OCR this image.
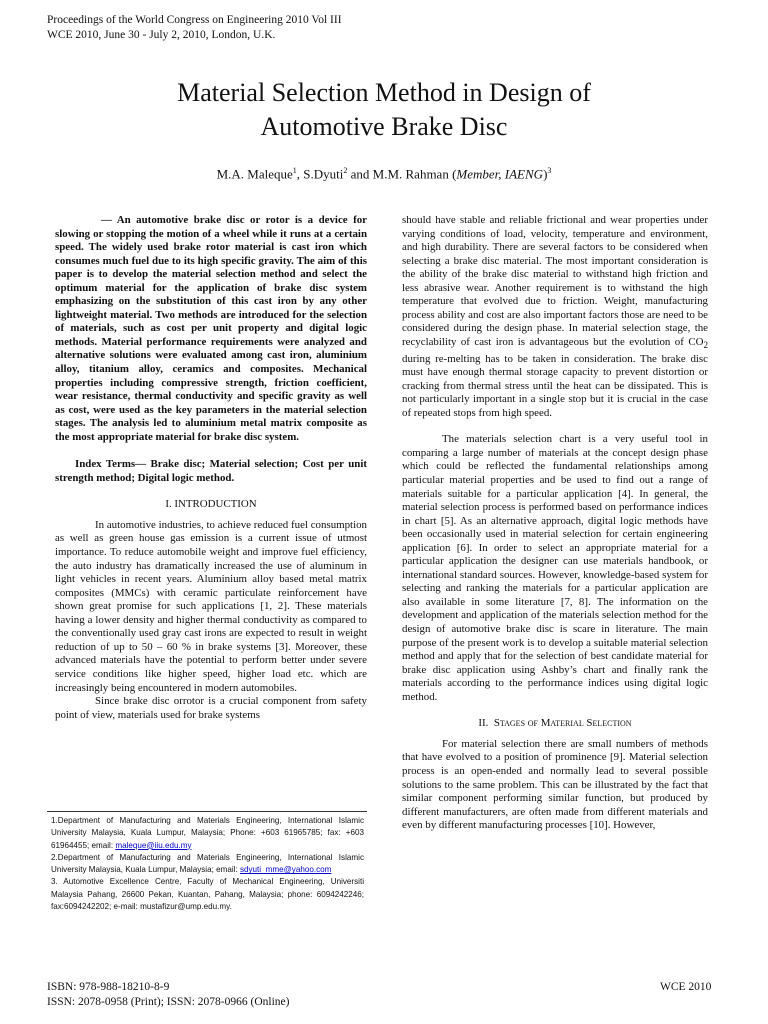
Proceedings of the World Congress on Engineering 2010 Vol III
WCE 2010, June 30 - July 2, 2010, London, U.K.
Material Selection Method in Design of
Automotive Brake Disc
M.A. Maleque$^1$, S.Dyuti$^2$ and M.M. Rahman (Member, IAENG)$^3$

— An automotive brake disc or rotor is a device for slowing or stopping the motion of a wheel while it runs at a certain speed. The widely used brake rotor material is cast iron which consumes much fuel due to its high specific gravity. The aim of this paper is to develop the material selection method and select the optimum material for the application of brake disc system emphasizing on the substitution of this cast iron by any other lightweight material. Two methods are introduced for the selection of materials, such as cost per unit property and digital logic methods. Material performance requirements were analyzed and alternative solutions were evaluated among cast iron, aluminium alloy, titanium alloy, ceramics and composites. Mechanical properties including compressive strength, friction coefficient, wear resistance, thermal conductivity and specific gravity as well as cost, were used as the key parameters in the material selection stages. The analysis led to aluminium metal matrix composite as the most appropriate material for brake disc system.

Index Terms— Brake disc; Material selection; Cost per unit strength method; Digital logic method.

I. INTRODUCTION

In automotive industries, to achieve reduced fuel consumption as well as green house gas emission is a current issue of utmost importance. To reduce automobile weight and improve fuel efficiency, the auto industry has dramatically increased the use of aluminum in light vehicles in recent years. Aluminium alloy based metal matrix composites (MMCs) with ceramic particulate reinforcement have shown great promise for such applications [1, 2]. These materials having a lower density and higher thermal conductivity as compared to the conventionally used gray cast irons are expected to result in weight reduction of up to 50 – 60 % in brake systems [3]. Moreover, these advanced materials have the potential to perform better under severe service conditions like higher speed, higher load etc. which are increasingly being encountered in modern automobiles.

Since brake disc orrotor is a crucial component from safety point of view, materials used for brake systems

1.Department of Manufacturing and Materials Engineering, International Islamic University Malaysia, Kuala Lumpur, Malaysia; Phone: +603 61965785; fax: +603 61964455; email: maleque@iiu.edu.my

2.Department of Manufacturing and Materials Engineering, International Islamic University Malaysia, Kuala Lumpur, Malaysia; email: sdyuti_mme@yahoo.com

3. Automotive Excellence Centre, Faculty of Mechanical Engineering, Universiti Malaysia Pahang, 26600 Pekan, Kuantan, Pahang, Malaysia; phone: 6094242246; fax:6094242202; e-mail: mustafizur@ump.edu.my.

should have stable and reliable frictional and wear properties under varying conditions of load, velocity, temperature and environment, and high durability. There are several factors to be considered when selecting a brake disc material. The most important consideration is the ability of the brake disc material to withstand high friction and less abrasive wear. Another requirement is to withstand the high temperature that evolved due to friction. Weight, manufacturing process ability and cost are also important factors those are need to be considered during the design phase. In material selection stage, the recyclability of cast iron is advantageous but the evolution of $CO_2$ during re-melting has to be taken in consideration. The brake disc must have enough thermal storage capacity to prevent distortion or cracking from thermal stress until the heat can be dissipated. This is not particularly important in a single stop but it is crucial in the case of repeated stops from high speed.

The materials selection chart is a very useful tool in comparing a large number of materials at the concept design phase which could be reflected the fundamental relationships among particular material properties and be used to find out a range of materials suitable for a particular application [4]. In general, the material selection process is performed based on performance indices in chart [5]. As an alternative approach, digital logic methods have been occasionally used in material selection for certain engineering application [6]. In order to select an appropriate material for a particular application the designer can use materials handbook, or international standard sources. However, knowledge-based system for selecting and ranking the materials for a particular application are also available in some literature [7, 8]. The information on the development and application of the materials selection method for the design of automotive brake disc is scare in literature. The main purpose of the present work is to develop a suitable material selection method and apply that for the selection of best candidate material for brake disc application using Ashby’s chart and finally rank the materials according to the performance indices using digital logic method.

II. Stages of Material Selection

For material selection there are small numbers of methods that have evolved to a position of prominence [9]. Material selection process is an open-ended and normally lead to several possible solutions to the same problem. This can be illustrated by the fact that similar component performing similar function, but produced by different manufacturers, are often made from different materials and even by different manufacturing processes [10]. However,

ISBN: 978-988-18210-8-9
ISSN: 2078-0958 (Print); ISSN: 2078-0966 (Online)
WCE 2010
